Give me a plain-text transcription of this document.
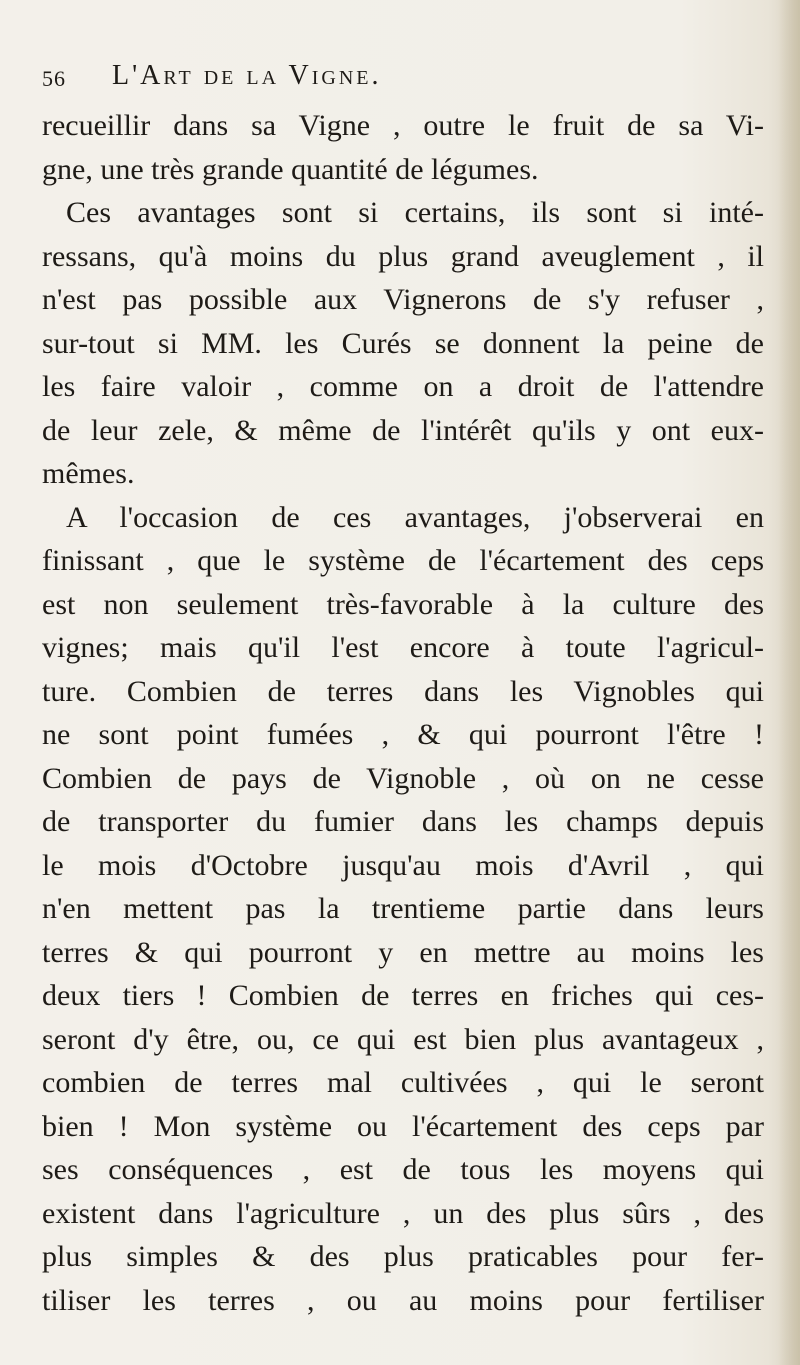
56 L'Art de la Vigne.
recueillir dans sa Vigne , outre le fruit de sa Vi-
gne, une très grande quantité de légumes.
Ces avantages sont si certains, ils sont si inté-
ressans, qu'à moins du plus grand aveuglement , il
n'est pas possible aux Vignerons de s'y refuser ,
sur-tout si MM. les Curés se donnent la peine de
les faire valoir , comme on a droit de l'attendre
de leur zele, & même de l'intérêt qu'ils y ont eux-
mêmes.
A l'occasion de ces avantages, j'observerai en
finissant , que le système de l'écartement des ceps
est non seulement très-favorable à la culture des
vignes; mais qu'il l'est encore à toute l'agricul-
ture. Combien de terres dans les Vignobles qui
ne sont point fumées , & qui pourront l'être !
Combien de pays de Vignoble , où on ne cesse
de transporter du fumier dans les champs depuis
le mois d'Octobre jusqu'au mois d'Avril , qui
n'en mettent pas la trentieme partie dans leurs
terres & qui pourront y en mettre au moins les
deux tiers ! Combien de terres en friches qui ces-
seront d'y être, ou, ce qui est bien plus avantageux ,
combien de terres mal cultivées , qui le seront
bien ! Mon système ou l'écartement des ceps par
ses conséquences , est de tous les moyens qui
existent dans l'agriculture , un des plus sûrs , des
plus simples & des plus praticables pour fer-
tiliser les terres , ou au moins pour fertiliser
